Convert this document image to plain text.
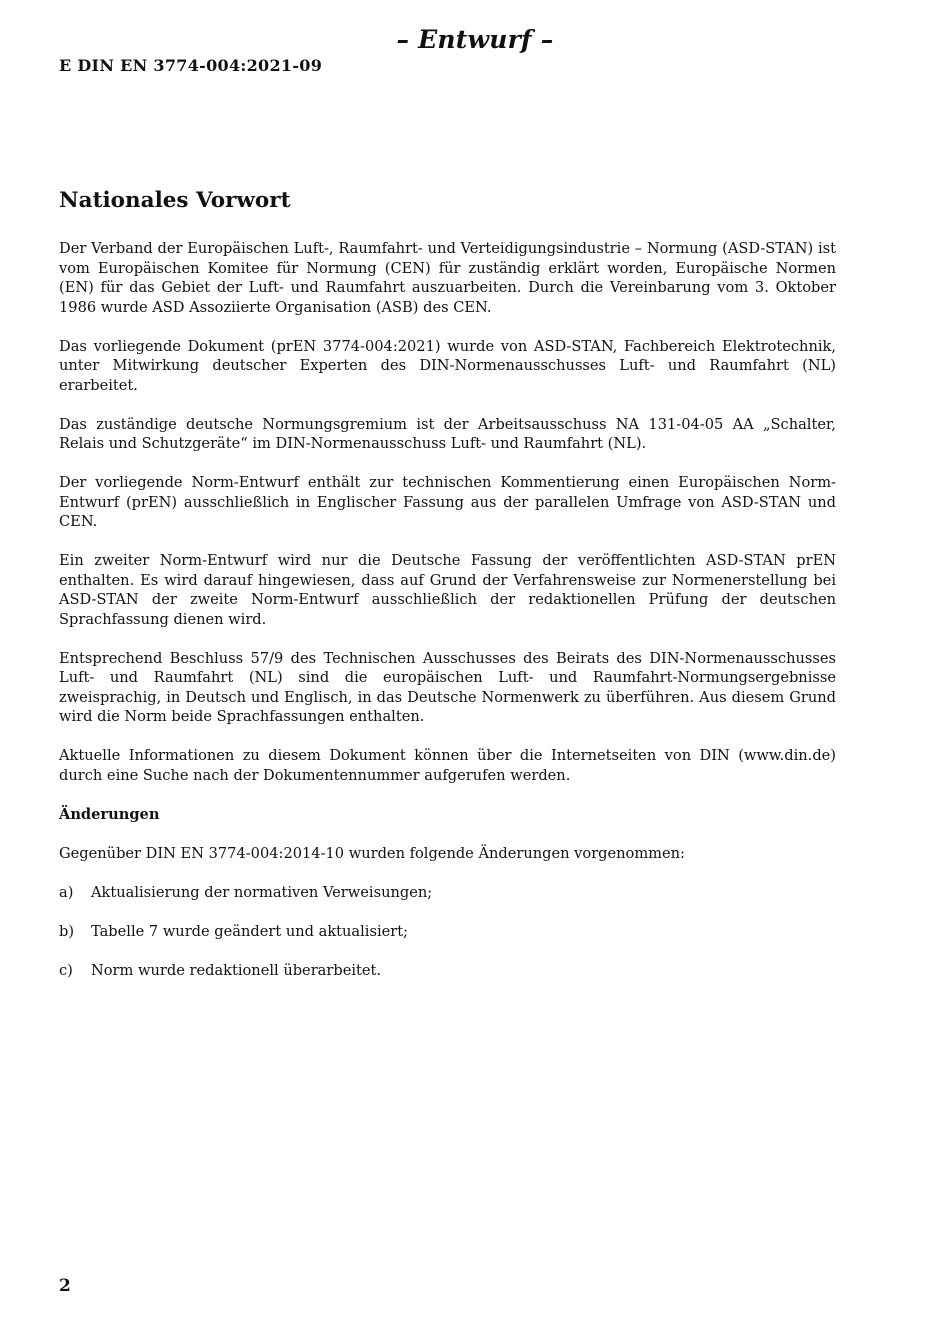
– Entwurf –
E DIN EN 3774-004:2021-09
Nationales Vorwort

Der Verband der Europäischen Luft-, Raumfahrt- und Verteidigungsindustrie – Normung (ASD-STAN) ist vom Europäischen Komitee für Normung (CEN) für zuständig erklärt worden, Europäische Normen (EN) für das Gebiet der Luft- und Raumfahrt auszuarbeiten. Durch die Vereinbarung vom 3. Oktober 1986 wurde ASD Assoziierte Organisation (ASB) des CEN.

Das vorliegende Dokument (prEN 3774-004:2021) wurde von ASD-STAN, Fachbereich Elektrotechnik, unter Mitwirkung deutscher Experten des DIN-Normenausschusses Luft- und Raumfahrt (NL) erarbeitet.

Das zuständige deutsche Normungsgremium ist der Arbeitsausschuss NA 131-04-05 AA „Schalter, Relais und Schutzgeräte“ im DIN-Normenausschuss Luft- und Raumfahrt (NL).

Der vorliegende Norm-Entwurf enthält zur technischen Kommentierung einen Europäischen Norm-Entwurf (prEN) ausschließlich in Englischer Fassung aus der parallelen Umfrage von ASD-STAN und CEN.

Ein zweiter Norm-Entwurf wird nur die Deutsche Fassung der veröffentlichten ASD-STAN prEN enthalten. Es wird darauf hingewiesen, dass auf Grund der Verfahrensweise zur Normenerstellung bei ASD-STAN der zweite Norm-Entwurf ausschließlich der redaktionellen Prüfung der deutschen Sprachfassung dienen wird.

Entsprechend Beschluss 57/9 des Technischen Ausschusses des Beirats des DIN-Normenausschusses Luft- und Raumfahrt (NL) sind die europäischen Luft- und Raumfahrt-Normungsergebnisse zweisprachig, in Deutsch und Englisch, in das Deutsche Normenwerk zu überführen. Aus diesem Grund wird die Norm beide Sprachfassungen enthalten.

Aktuelle Informationen zu diesem Dokument können über die Internetseiten von DIN (www.din.de) durch eine Suche nach der Dokumentennummer aufgerufen werden.

Änderungen

Gegenüber DIN EN 3774-004:2014-10 wurden folgende Änderungen vorgenommen:

a)	Aktualisierung der normativen Verweisungen;
b)	Tabelle 7 wurde geändert und aktualisiert;
c)	Norm wurde redaktionell überarbeitet.
2
